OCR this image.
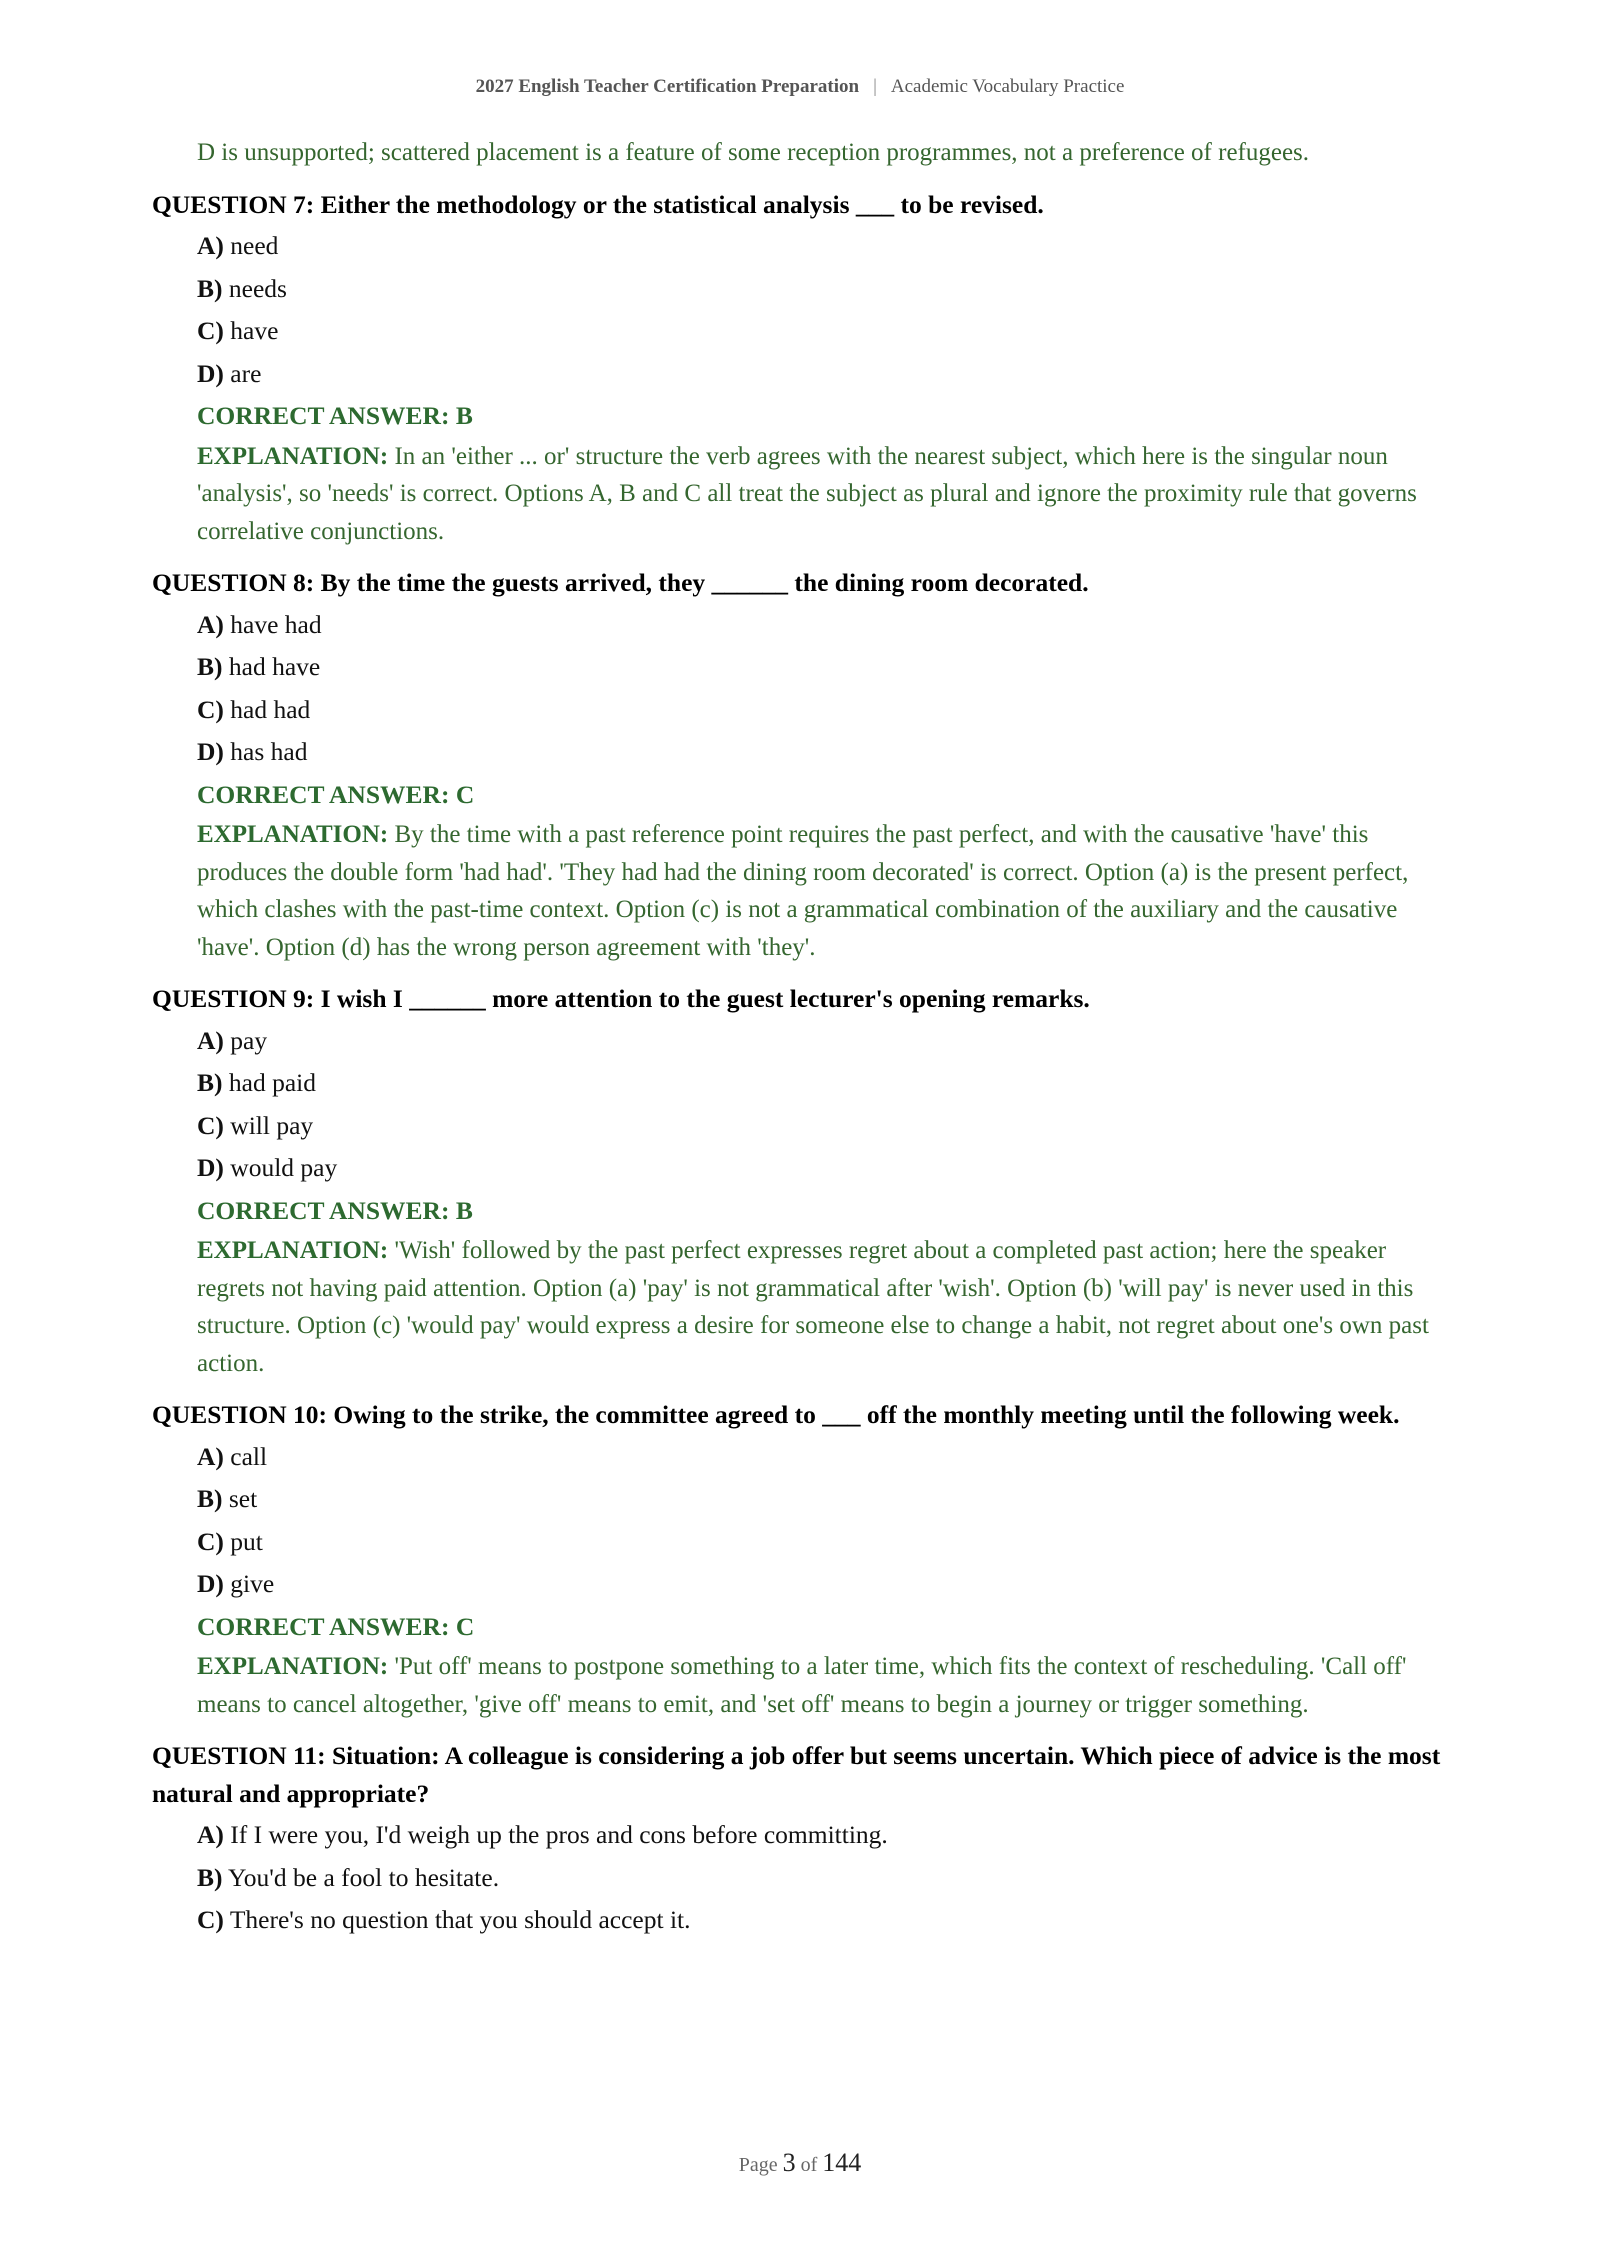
2027 English Teacher Certification Preparation | Academic Vocabulary Practice
D is unsupported; scattered placement is a feature of some reception programmes, not a preference of refugees.
QUESTION 7: Either the methodology or the statistical analysis ___ to be revised.
A) need
B) needs
C) have
D) are
CORRECT ANSWER: B
EXPLANATION: In an 'either ... or' structure the verb agrees with the nearest subject, which here is the singular noun 'analysis', so 'needs' is correct. Options A, B and C all treat the subject as plural and ignore the proximity rule that governs correlative conjunctions.
QUESTION 8: By the time the guests arrived, they ______ the dining room decorated.
A) have had
B) had have
C) had had
D) has had
CORRECT ANSWER: C
EXPLANATION: By the time with a past reference point requires the past perfect, and with the causative 'have' this produces the double form 'had had'. 'They had had the dining room decorated' is correct. Option (a) is the present perfect, which clashes with the past-time context. Option (c) is not a grammatical combination of the auxiliary and the causative 'have'. Option (d) has the wrong person agreement with 'they'.
QUESTION 9: I wish I ______ more attention to the guest lecturer's opening remarks.
A) pay
B) had paid
C) will pay
D) would pay
CORRECT ANSWER: B
EXPLANATION: 'Wish' followed by the past perfect expresses regret about a completed past action; here the speaker regrets not having paid attention. Option (a) 'pay' is not grammatical after 'wish'. Option (b) 'will pay' is never used in this structure. Option (c) 'would pay' would express a desire for someone else to change a habit, not regret about one's own past action.
QUESTION 10: Owing to the strike, the committee agreed to ___ off the monthly meeting until the following week.
A) call
B) set
C) put
D) give
CORRECT ANSWER: C
EXPLANATION: 'Put off' means to postpone something to a later time, which fits the context of rescheduling. 'Call off' means to cancel altogether, 'give off' means to emit, and 'set off' means to begin a journey or trigger something.
QUESTION 11: Situation: A colleague is considering a job offer but seems uncertain. Which piece of advice is the most natural and appropriate?
A) If I were you, I'd weigh up the pros and cons before committing.
B) You'd be a fool to hesitate.
C) There's no question that you should accept it.
Page 3 of 144
